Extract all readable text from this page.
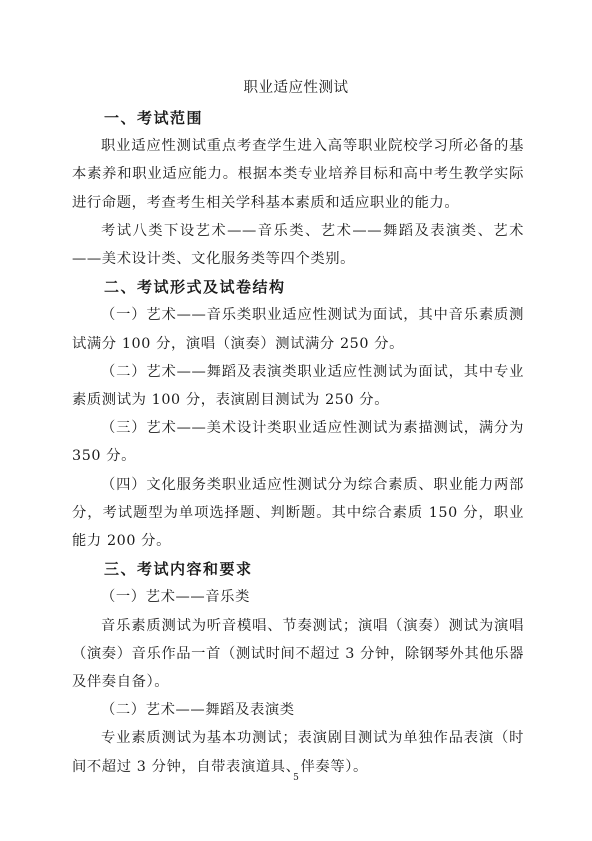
职业适应性测试

一、考试范围

职业适应性测试重点考查学生进入高等职业院校学习所必备的基本素养和职业适应能力。根据本类专业培养目标和高中考生教学实际进行命题，考查考生相关学科基本素质和适应职业的能力。

考试八类下设艺术——音乐类、艺术——舞蹈及表演类、艺术——美术设计类、文化服务类等四个类别。

二、考试形式及试卷结构

（一）艺术——音乐类职业适应性测试为面试，其中音乐素质测试满分 100 分，演唱（演奏）测试满分 250 分。

（二）艺术——舞蹈及表演类职业适应性测试为面试，其中专业素质测试为 100 分，表演剧目测试为 250 分。

（三）艺术——美术设计类职业适应性测试为素描测试，满分为 350 分。

（四）文化服务类职业适应性测试分为综合素质、职业能力两部分，考试题型为单项选择题、判断题。其中综合素质 150 分，职业能力 200 分。

三、考试内容和要求

（一）艺术——音乐类

音乐素质测试为听音模唱、节奏测试；演唱（演奏）测试为演唱（演奏）音乐作品一首（测试时间不超过 3 分钟，除钢琴外其他乐器及伴奏自备）。

（二）艺术——舞蹈及表演类

专业素质测试为基本功测试；表演剧目测试为单独作品表演（时间不超过 3 分钟，自带表演道具、伴奏等）。

5
